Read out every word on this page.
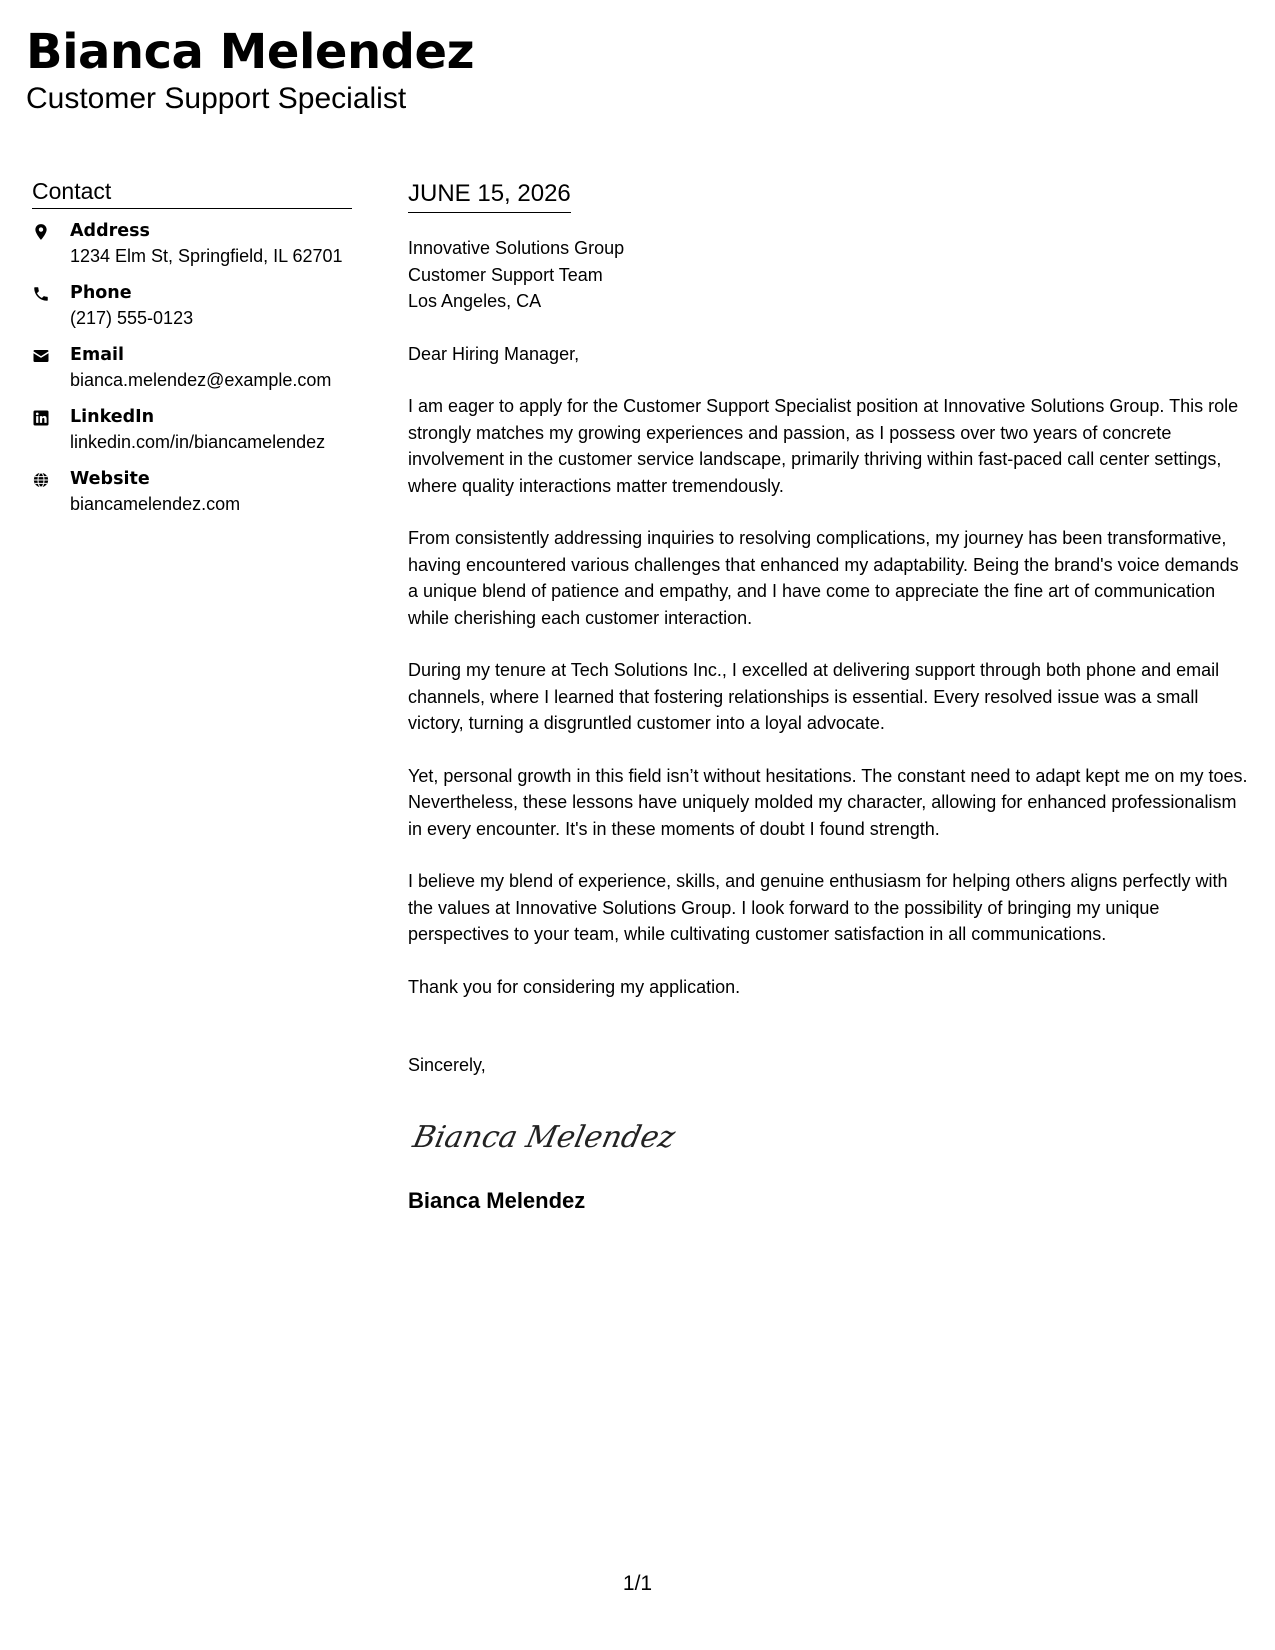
Bianca Melendez
Customer Support Specialist
Contact
Address
1234 Elm St, Springfield, IL 62701
Phone
(217) 555-0123
Email
bianca.melendez@example.com
LinkedIn
linkedin.com/in/biancamelendez
Website
biancamelendez.com
JUNE 15, 2026
Innovative Solutions Group
Customer Support Team
Los Angeles, CA

Dear Hiring Manager,

I am eager to apply for the Customer Support Specialist position at Innovative Solutions Group. This role strongly matches my growing experiences and passion, as I possess over two years of concrete involvement in the customer service landscape, primarily thriving within fast-paced call center settings, where quality interactions matter tremendously.

From consistently addressing inquiries to resolving complications, my journey has been transformative, having encountered various challenges that enhanced my adaptability. Being the brand's voice demands a unique blend of patience and empathy, and I have come to appreciate the fine art of communication while cherishing each customer interaction.

During my tenure at Tech Solutions Inc., I excelled at delivering support through both phone and email channels, where I learned that fostering relationships is essential. Every resolved issue was a small victory, turning a disgruntled customer into a loyal advocate.

Yet, personal growth in this field isn’t without hesitations. The constant need to adapt kept me on my toes. Nevertheless, these lessons have uniquely molded my character, allowing for enhanced professionalism in every encounter. It's in these moments of doubt I found strength.

I believe my blend of experience, skills, and genuine enthusiasm for helping others aligns perfectly with the values at Innovative Solutions Group. I look forward to the possibility of bringing my unique perspectives to your team, while cultivating customer satisfaction in all communications.

Thank you for considering my application.

Sincerely,

Bianca Melendez
Bianca Melendez
1/1
